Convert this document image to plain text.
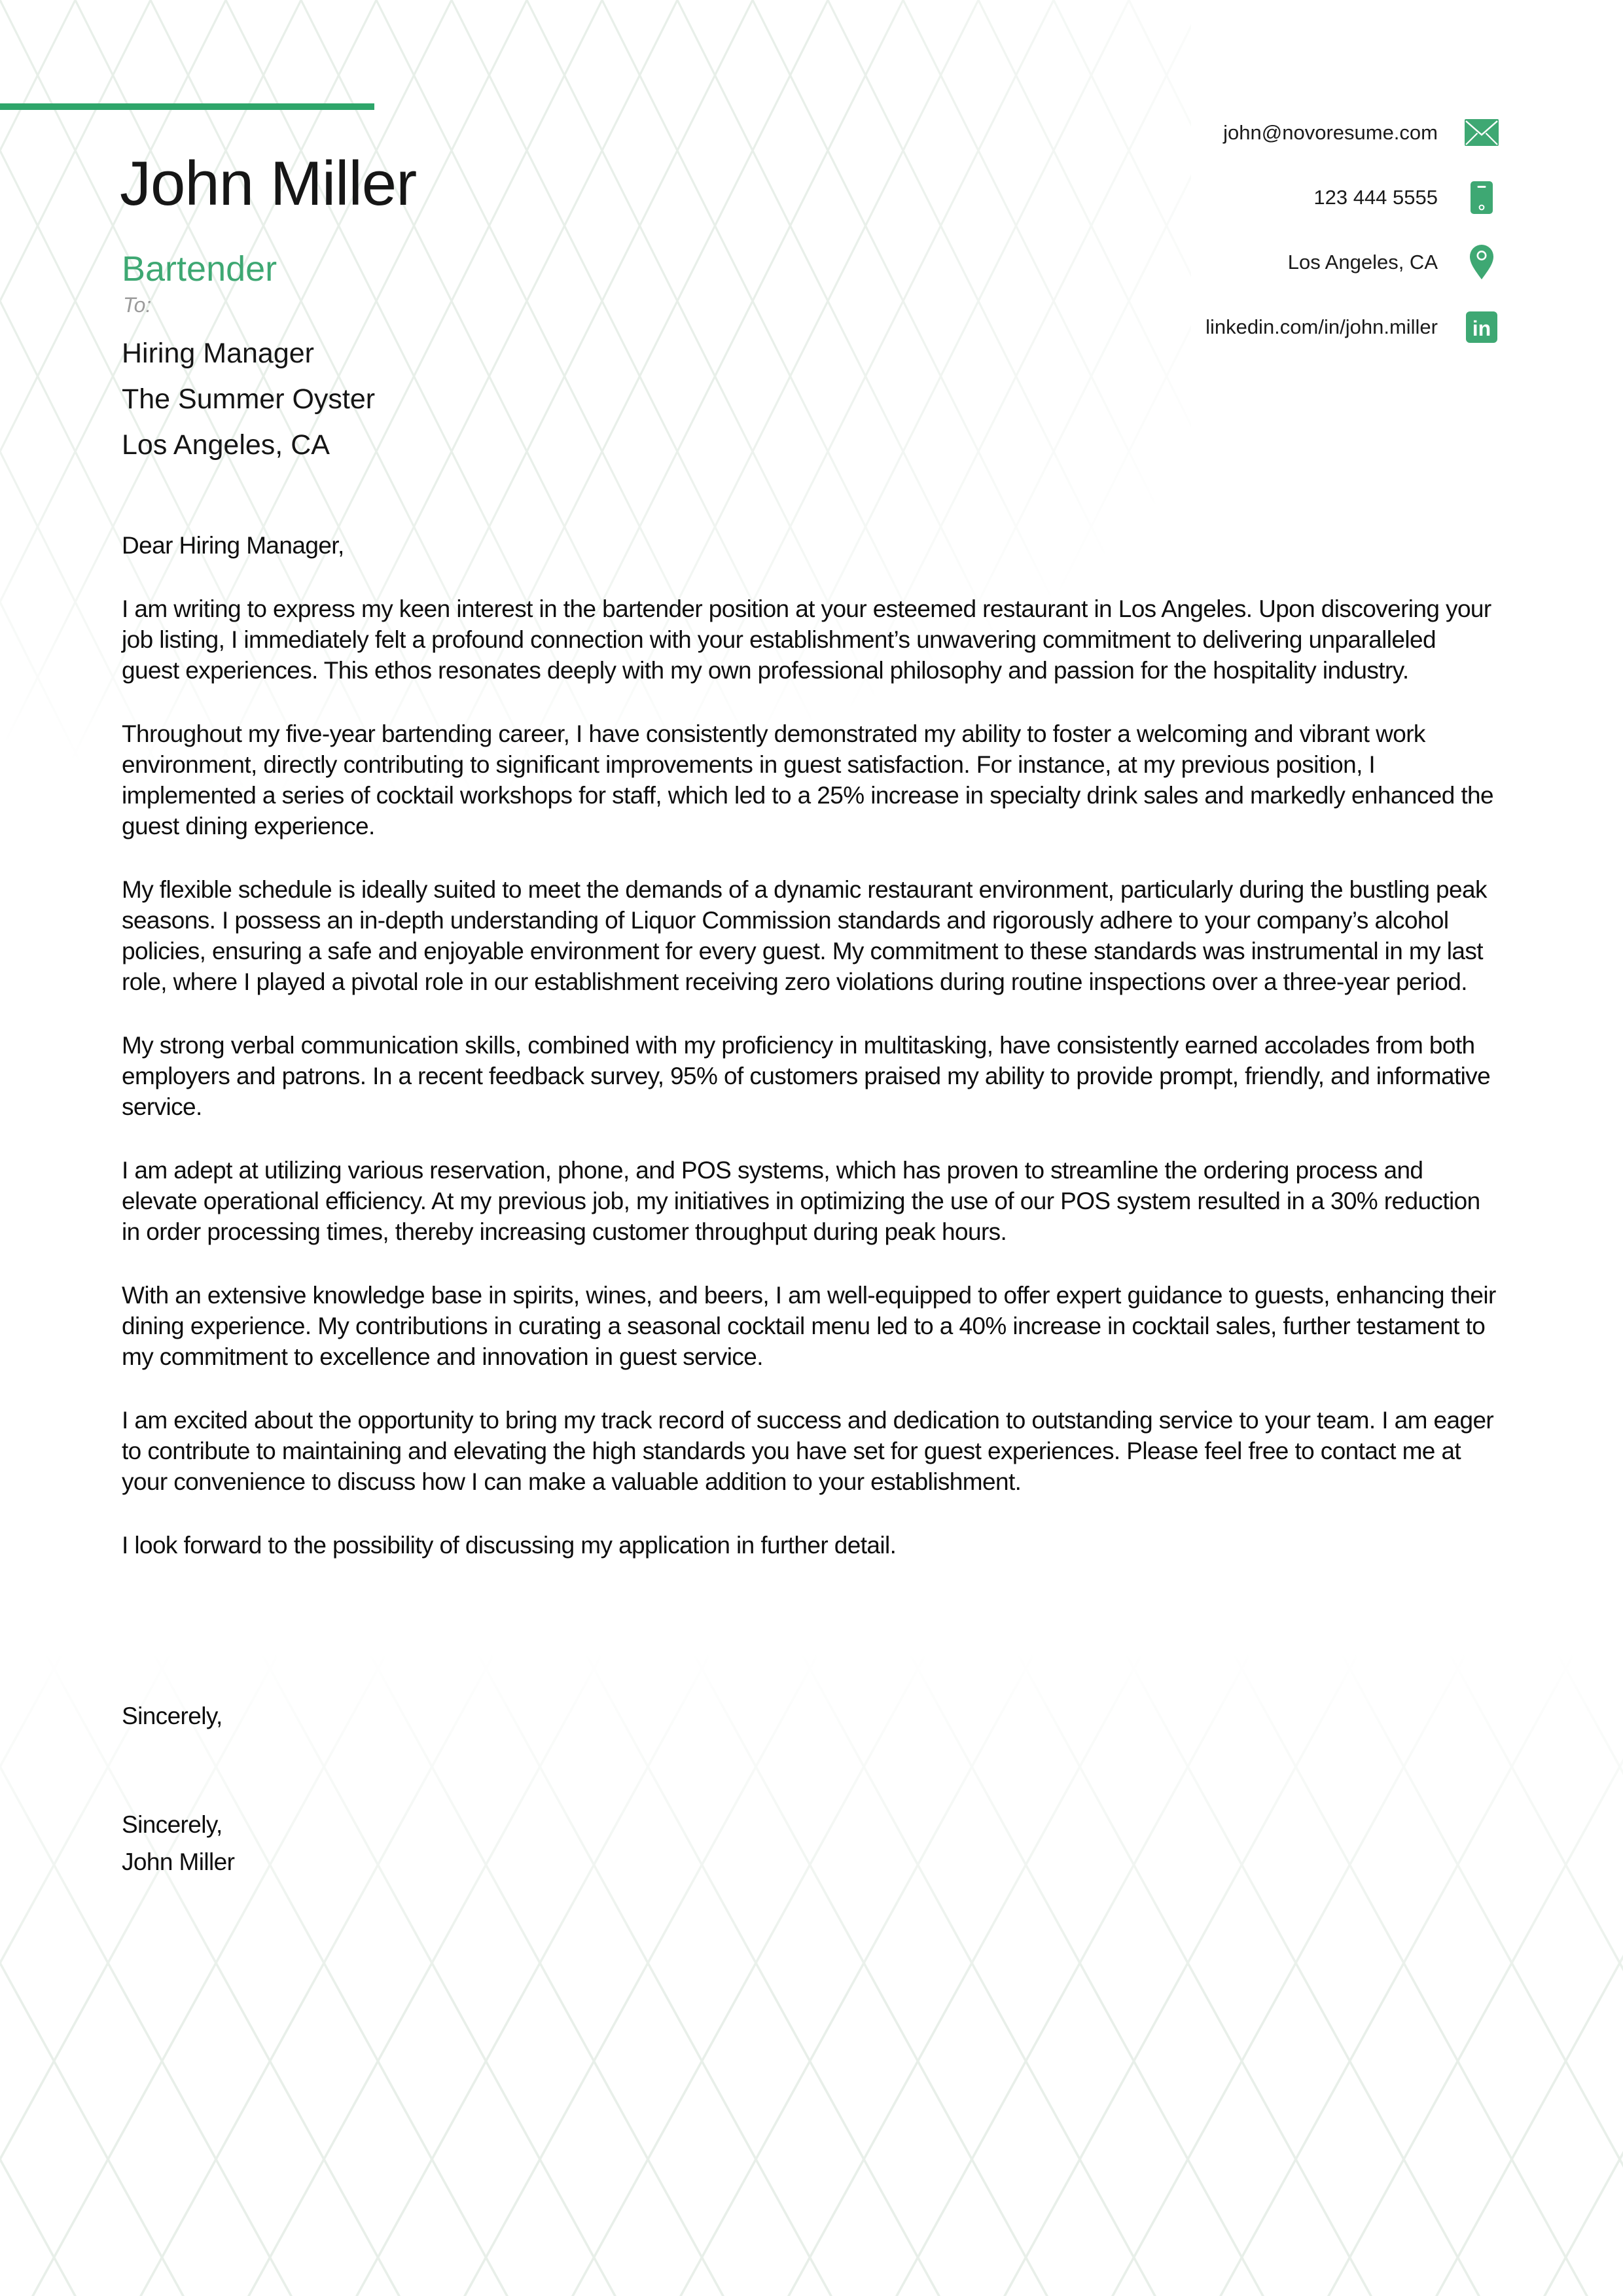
John Miller
Bartender
john@novoresume.com
123 444 5555
Los Angeles, CA
linkedin.com/in/john.miller in
To:
Hiring Manager
The Summer Oyster
Los Angeles, CA

Dear Hiring Manager,

I am writing to express my keen interest in the bartender position at your esteemed restaurant in Los Angeles. Upon discovering your job listing, I immediately felt a profound connection with your establishment’s unwavering commitment to delivering unparalleled guest experiences. This ethos resonates deeply with my own professional philosophy and passion for the hospitality industry.

Throughout my five-year bartending career, I have consistently demonstrated my ability to foster a welcoming and vibrant work environment, directly contributing to significant improvements in guest satisfaction. For instance, at my previous position, I implemented a series of cocktail workshops for staff, which led to a 25% increase in specialty drink sales and markedly enhanced the guest dining experience.

My flexible schedule is ideally suited to meet the demands of a dynamic restaurant environment, particularly during the bustling peak seasons. I possess an in-depth understanding of Liquor Commission standards and rigorously adhere to your company’s alcohol policies, ensuring a safe and enjoyable environment for every guest. My commitment to these standards was instrumental in my last role, where I played a pivotal role in our establishment receiving zero violations during routine inspections over a three-year period.

My strong verbal communication skills, combined with my proficiency in multitasking, have consistently earned accolades from both employers and patrons. In a recent feedback survey, 95% of customers praised my ability to provide prompt, friendly, and informative service.

I am adept at utilizing various reservation, phone, and POS systems, which has proven to streamline the ordering process and elevate operational efficiency. At my previous job, my initiatives in optimizing the use of our POS system resulted in a 30% reduction in order processing times, thereby increasing customer throughput during peak hours.

With an extensive knowledge base in spirits, wines, and beers, I am well-equipped to offer expert guidance to guests, enhancing their dining experience. My contributions in curating a seasonal cocktail menu led to a 40% increase in cocktail sales, further testament to my commitment to excellence and innovation in guest service.

I am excited about the opportunity to bring my track record of success and dedication to outstanding service to your team. I am eager to contribute to maintaining and elevating the high standards you have set for guest experiences. Please feel free to contact me at your convenience to discuss how I can make a valuable addition to your establishment.

I look forward to the possibility of discussing my application in further detail.

Sincerely,
Sincerely,
John Miller
